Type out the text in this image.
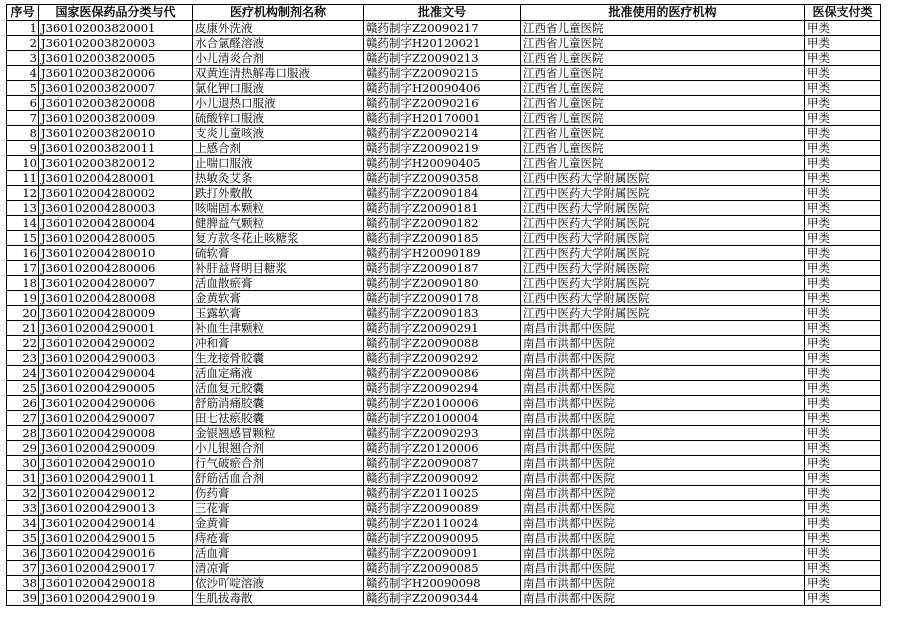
序号	国家医保药品分类与代	医疗机构制剂名称	批准文号	批准使用的医疗机构	医保支付类
1	J360102003820001	皮康外洗液	赣药制字Z20090217	江西省儿童医院	甲类
2	J360102003820003	水合氯醛溶液	赣药制字H20120021	江西省儿童医院	甲类
3	J360102003820005	小儿清炎合剂	赣药制字Z20090213	江西省儿童医院	甲类
4	J360102003820006	双黄连清热解毒口服液	赣药制字Z20090215	江西省儿童医院	甲类
5	J360102003820007	氯化钾口服液	赣药制字H20090406	江西省儿童医院	甲类
6	J360102003820008	小儿退热口服液	赣药制字Z20090216	江西省儿童医院	甲类
7	J360102003820009	硫酸锌口服液	赣药制字H20170001	江西省儿童医院	甲类
8	J360102003820010	支炎儿童咳液	赣药制字Z20090214	江西省儿童医院	甲类
9	J360102003820011	上感合剂	赣药制字Z20090219	江西省儿童医院	甲类
10	J360102003820012	止喘口服液	赣药制字H20090405	江西省儿童医院	甲类
11	J360102004280001	热敏灸艾条	赣药制字Z20090358	江西中医药大学附属医院	甲类
12	J360102004280002	跌打外敷散	赣药制字Z20090184	江西中医药大学附属医院	甲类
13	J360102004280003	咳喘固本颗粒	赣药制字Z20090181	江西中医药大学附属医院	甲类
14	J360102004280004	健脾益气颗粒	赣药制字Z20090182	江西中医药大学附属医院	甲类
15	J360102004280005	复方款冬花止咳糖浆	赣药制字Z20090185	江西中医药大学附属医院	甲类
16	J360102004280010	硫软膏	赣药制字H20090189	江西中医药大学附属医院	甲类
17	J360102004280006	补肝益肾明目糖浆	赣药制字Z20090187	江西中医药大学附属医院	甲类
18	J360102004280007	活血散瘀膏	赣药制字Z20090180	江西中医药大学附属医院	甲类
19	J360102004280008	金黄软膏	赣药制字Z20090178	江西中医药大学附属医院	甲类
20	J360102004280009	玉露软膏	赣药制字Z20090183	江西中医药大学附属医院	甲类
21	J360102004290001	补血生津颗粒	赣药制字Z20090291	南昌市洪都中医院	甲类
22	J360102004290002	冲和膏	赣药制字Z20090088	南昌市洪都中医院	甲类
23	J360102004290003	生龙接骨胶囊	赣药制字Z20090292	南昌市洪都中医院	甲类
24	J360102004290004	活血定痛液	赣药制字Z20090086	南昌市洪都中医院	甲类
25	J360102004290005	活血复元胶囊	赣药制字Z20090294	南昌市洪都中医院	甲类
26	J360102004290006	舒筋消痛胶囊	赣药制字Z20100006	南昌市洪都中医院	甲类
27	J360102004290007	田七祛瘀胶囊	赣药制字Z20100004	南昌市洪都中医院	甲类
28	J360102004290008	金银翘感冒颗粒	赣药制字Z20090293	南昌市洪都中医院	甲类
29	J360102004290009	小儿银翘合剂	赣药制字Z20120006	南昌市洪都中医院	甲类
30	J360102004290010	行气破瘀合剂	赣药制字Z20090087	南昌市洪都中医院	甲类
31	J360102004290011	舒筋活血合剂	赣药制字Z20090092	南昌市洪都中医院	甲类
32	J360102004290012	伤药膏	赣药制字Z20110025	南昌市洪都中医院	甲类
33	J360102004290013	三花膏	赣药制字Z20090089	南昌市洪都中医院	甲类
34	J360102004290014	金黄膏	赣药制字Z20110024	南昌市洪都中医院	甲类
35	J360102004290015	痔疮膏	赣药制字Z20090095	南昌市洪都中医院	甲类
36	J360102004290016	活血膏	赣药制字Z20090091	南昌市洪都中医院	甲类
37	J360102004290017	清凉膏	赣药制字Z20090085	南昌市洪都中医院	甲类
38	J360102004290018	依沙吖啶溶液	赣药制字H20090098	南昌市洪都中医院	甲类
39	J360102004290019	生肌拔毒散	赣药制字Z20090344	南昌市洪都中医院	甲类
